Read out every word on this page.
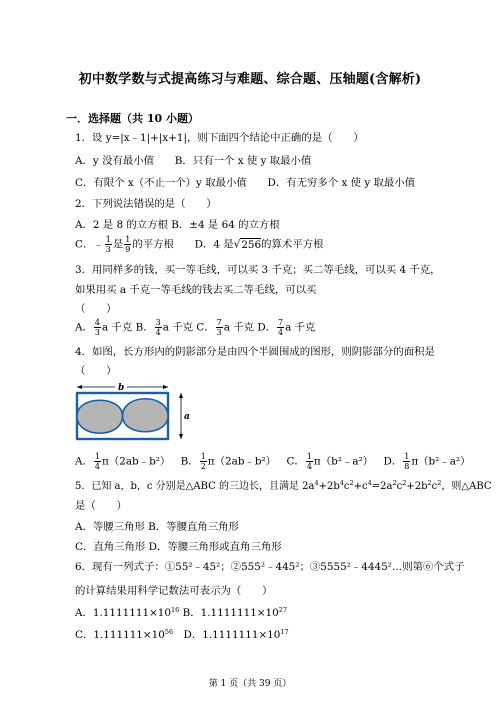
初中数学数与式提高练习与难题、综合题、压轴题(含解析)
一．选择题（共 10 小题）
1．设 y=|x﹣1|+|x+1|，则下面四个结论中正确的是（　　）
A．y 没有最小值　　B．只有一个 x 使 y 取最小值
C．有限个 x（不止一个）y 取最小值　　D．有无穷多个 x 使 y 取最小值
2．下列说法错误的是（　　）
A．2 是 8 的立方根 B．±4 是 64 的立方根
C．﹣ $\frac{1}{3}$ 是 $\frac{1}{9}$ 的平方根　　D．4 是√256的算术平方根
3．用同样多的钱，买一等毛线，可以买 3 千克；买二等毛线，可以买 4 千克，
如果用买 a 千克一等毛线的钱去买二等毛线，可以买
（　　）
A． $\frac{4}{3}$ a 千克 B． $\frac{3}{4}$ a 千克 C． $\frac{7}{3}$ a 千克 D． $\frac{7}{4}$ a 千克
4．如图，长方形内的阴影部分是由四个半圆围成的图形，则阴影部分的面积是
（　　）
b
a
A． $\frac{1}{4}$ π（2ab﹣b²）  B． $\frac{1}{2}$ π（2ab﹣b²）  C． $\frac{1}{4}$ π（b²﹣a²）  D． $\frac{1}{8}$ π（b²﹣a²）
5．已知 a，b，c 分别是△ABC 的三边长，且满足 $2a^4+2b^4c^2+c^4=2a^2c^2+2b^2c^2$，则△ABC
是（　　）
A．等腰三角形 B．等腰直角三角形
C．直角三角形 D．等腰三角形或直角三角形
6．现有一列式子：①55²﹣45²；②555²﹣445²；③5555²﹣4445²…则第⑥个式子
的计算结果用科学记数法可表示为（　　）
A．$1.1111111\times 10^{16}$ B．$1.1111111\times 10^{27}$
C．$1.111111\times 10^{56}$　D．$1.1111111\times 10^{17}$
第 1 页（共 39 页）
